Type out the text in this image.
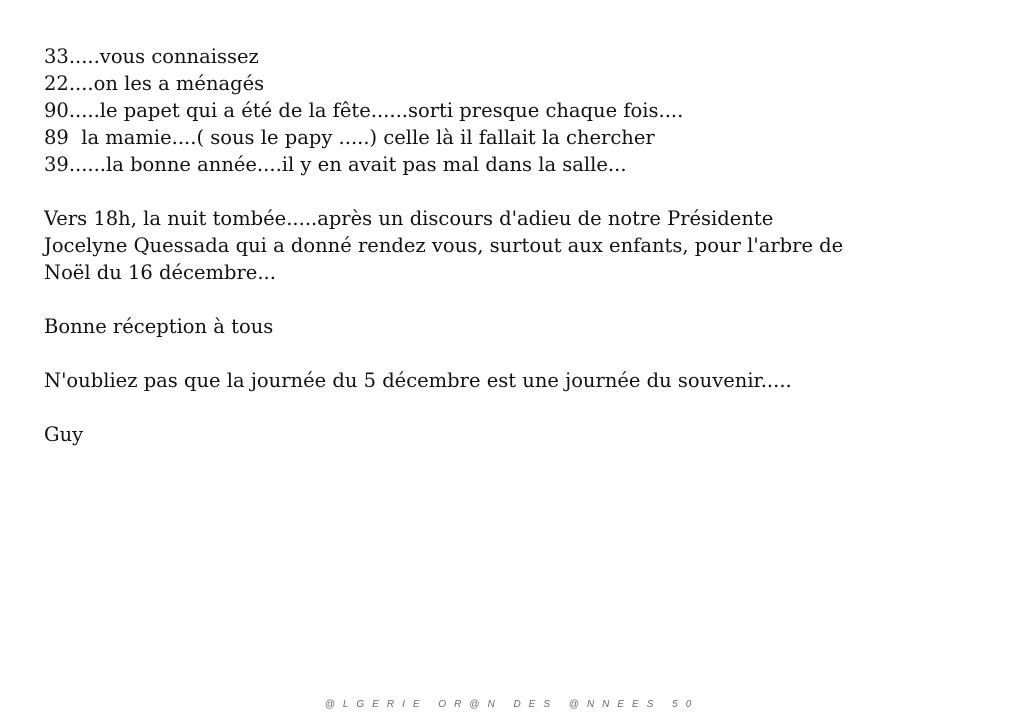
33.....vous connaissez
22....on les a ménagés
90.....le papet qui a été de la fête......sorti presque chaque fois....
89  la mamie....( sous le papy .....) celle là il fallait la chercher
39......la bonne année....il y en avait pas mal dans la salle...
Vers 18h, la nuit tombée.....après un discours d'adieu de notre Présidente
Jocelyne Quessada qui a donné rendez vous, surtout aux enfants, pour l'arbre de
Noël du 16 décembre...
Bonne réception à tous
N'oubliez pas que la journée du 5 décembre est une journée du souvenir.....
Guy
@LGERIE OR@N DES @NNEES 50
